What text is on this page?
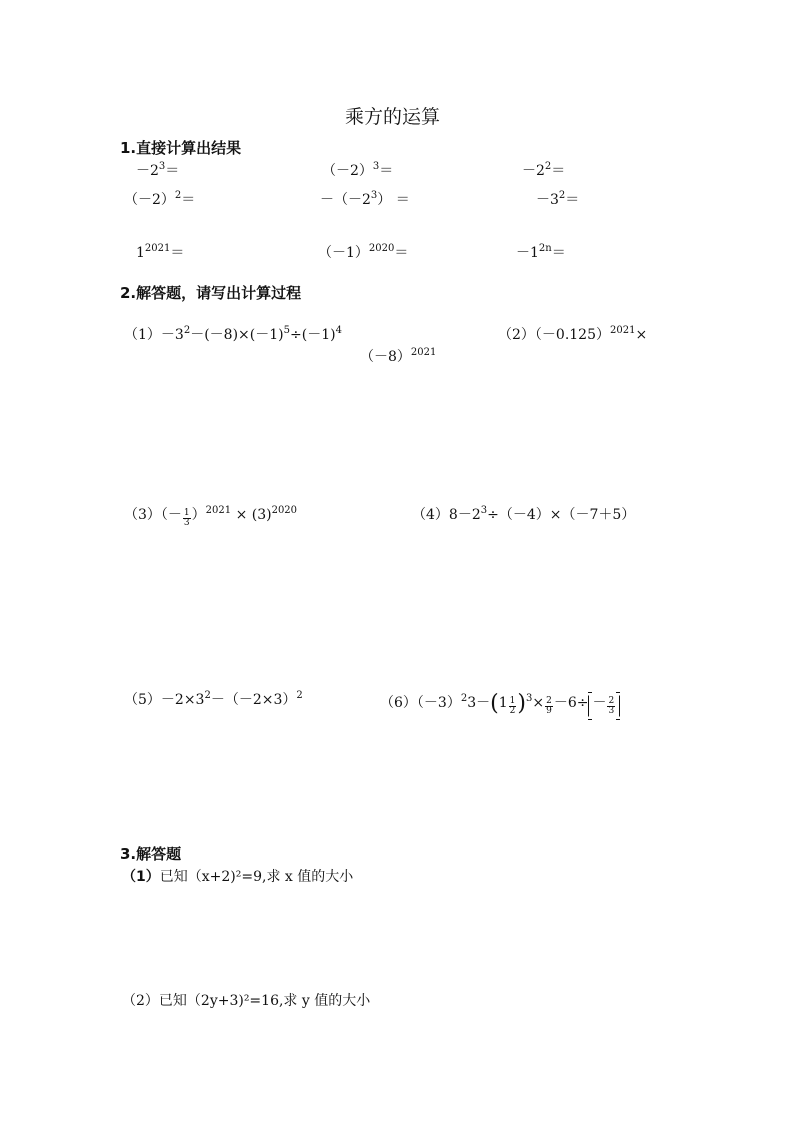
乘方的运算
1.直接计算出结果
$-2^3=$	$(-2)^3=$	$-2^2=$
$(-2)^2=$	$-(-2^3)$ ＝	$-3^2=$
$1^{2021}=$	$(-1)^{2020}=$	$-1^{2n}=$
2.解答题，请写出计算过程
$(1)-3^2-(-8)\times(-1)^5\div(-1)^4$	$(2)(-0.125)^{2021}\times$
$(-8)^{2021}$
$(3)(- \frac{1}{3} )^{2021} \times (3)^{2020}$	$(4)8-2^3\div(-4)\times(-7+5)$
$(5)-2\times 3^2-(-2\times 3)^2$	$(6)(-3)^23-(1 \frac{1}{2} )^3\times \frac{2}{9} -6\div - \frac{2}{3}$
3.解答题
（1）已知（x+2)²=9,求 x 值的大小
（2）已知（2y+3)²=16,求 y 值的大小
